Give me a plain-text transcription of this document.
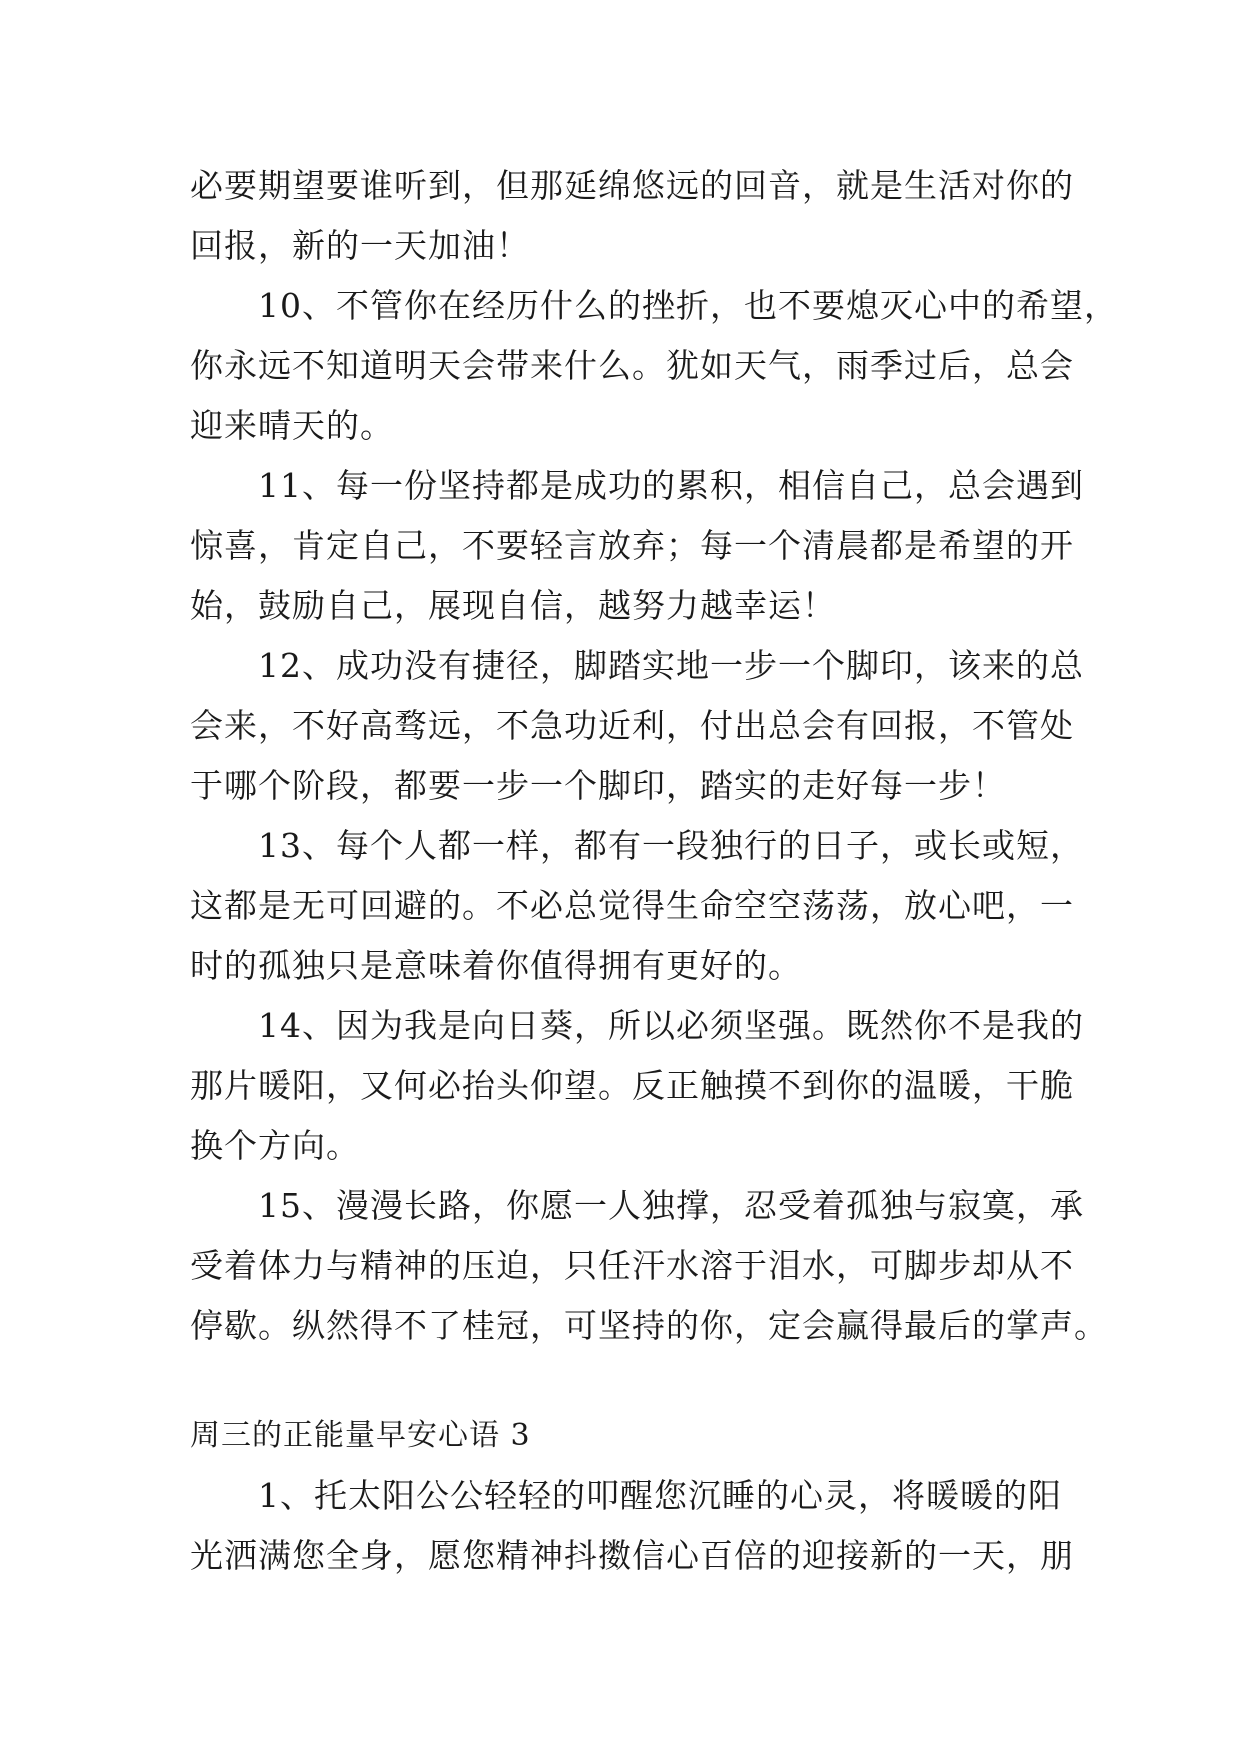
必要期望要谁听到，但那延绵悠远的回音，就是生活对你的
回报，新的一天加油！
10、不管你在经历什么的挫折，也不要熄灭心中的希望，
你永远不知道明天会带来什么。犹如天气，雨季过后，总会
迎来晴天的。
11、每一份坚持都是成功的累积，相信自己，总会遇到
惊喜，肯定自己，不要轻言放弃；每一个清晨都是希望的开
始，鼓励自己，展现自信，越努力越幸运！
12、成功没有捷径，脚踏实地一步一个脚印，该来的总
会来，不好高骛远，不急功近利，付出总会有回报，不管处
于哪个阶段，都要一步一个脚印，踏实的走好每一步！
13、每个人都一样，都有一段独行的日子，或长或短，
这都是无可回避的。不必总觉得生命空空荡荡，放心吧，一
时的孤独只是意味着你值得拥有更好的。
14、因为我是向日葵，所以必须坚强。既然你不是我的
那片暖阳，又何必抬头仰望。反正触摸不到你的温暖，干脆
换个方向。
15、漫漫长路，你愿一人独撑，忍受着孤独与寂寞，承
受着体力与精神的压迫，只任汗水溶于泪水，可脚步却从不
停歇。纵然得不了桂冠，可坚持的你，定会赢得最后的掌声。
周三的正能量早安心语 3
1、托太阳公公轻轻的叩醒您沉睡的心灵，将暖暖的阳
光洒满您全身，愿您精神抖擞信心百倍的迎接新的一天，朋
